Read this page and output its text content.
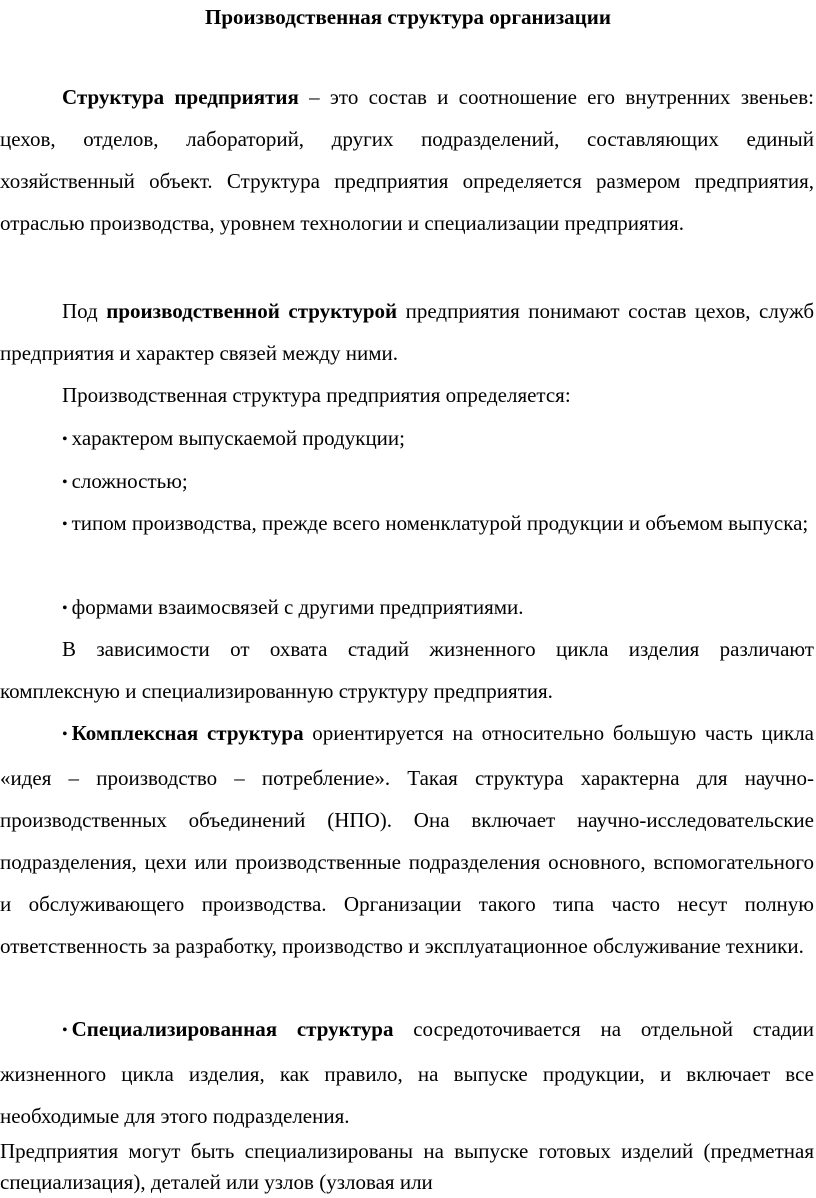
Производственная структура организации

Структура предприятия – это состав и соотношение его внутренних звеньев: цехов, отделов, лабораторий, других подразделений, составляющих единый хозяйственный объект. Структура предприятия определяется размером предприятия, отраслью производства, уровнем технологии и специализации предприятия.

Под производственной структурой предприятия понимают состав цехов, служб предприятия и характер связей между ними.

Производственная структура предприятия определяется:

• характером выпускаемой продукции;

• сложностью;

• типом производства, прежде всего номенклатурой продукции и объемом выпуска;

• формами взаимосвязей с другими предприятиями.

В зависимости от охвата стадий жизненного цикла изделия различают комплексную и специализированную структуру предприятия.

• Комплексная структура ориентируется на относительно большую часть цикла «идея – производство – потребление». Такая структура характерна для научно-производственных объединений (НПО). Она включает научно-исследовательские подразделения, цехи или производственные подразделения основного, вспомогательного и обслуживающего производства. Организации такого типа часто несут полную ответственность за разработку, производство и эксплуатационное обслуживание техники.

• Специализированная структура сосредоточивается на отдельной стадии жизненного цикла изделия, как правило, на выпуске продукции, и включает все необходимые для этого подразделения.

Предприятия могут быть специализированы на выпуске готовых изделий (предметная специализация), деталей или узлов (узловая или
